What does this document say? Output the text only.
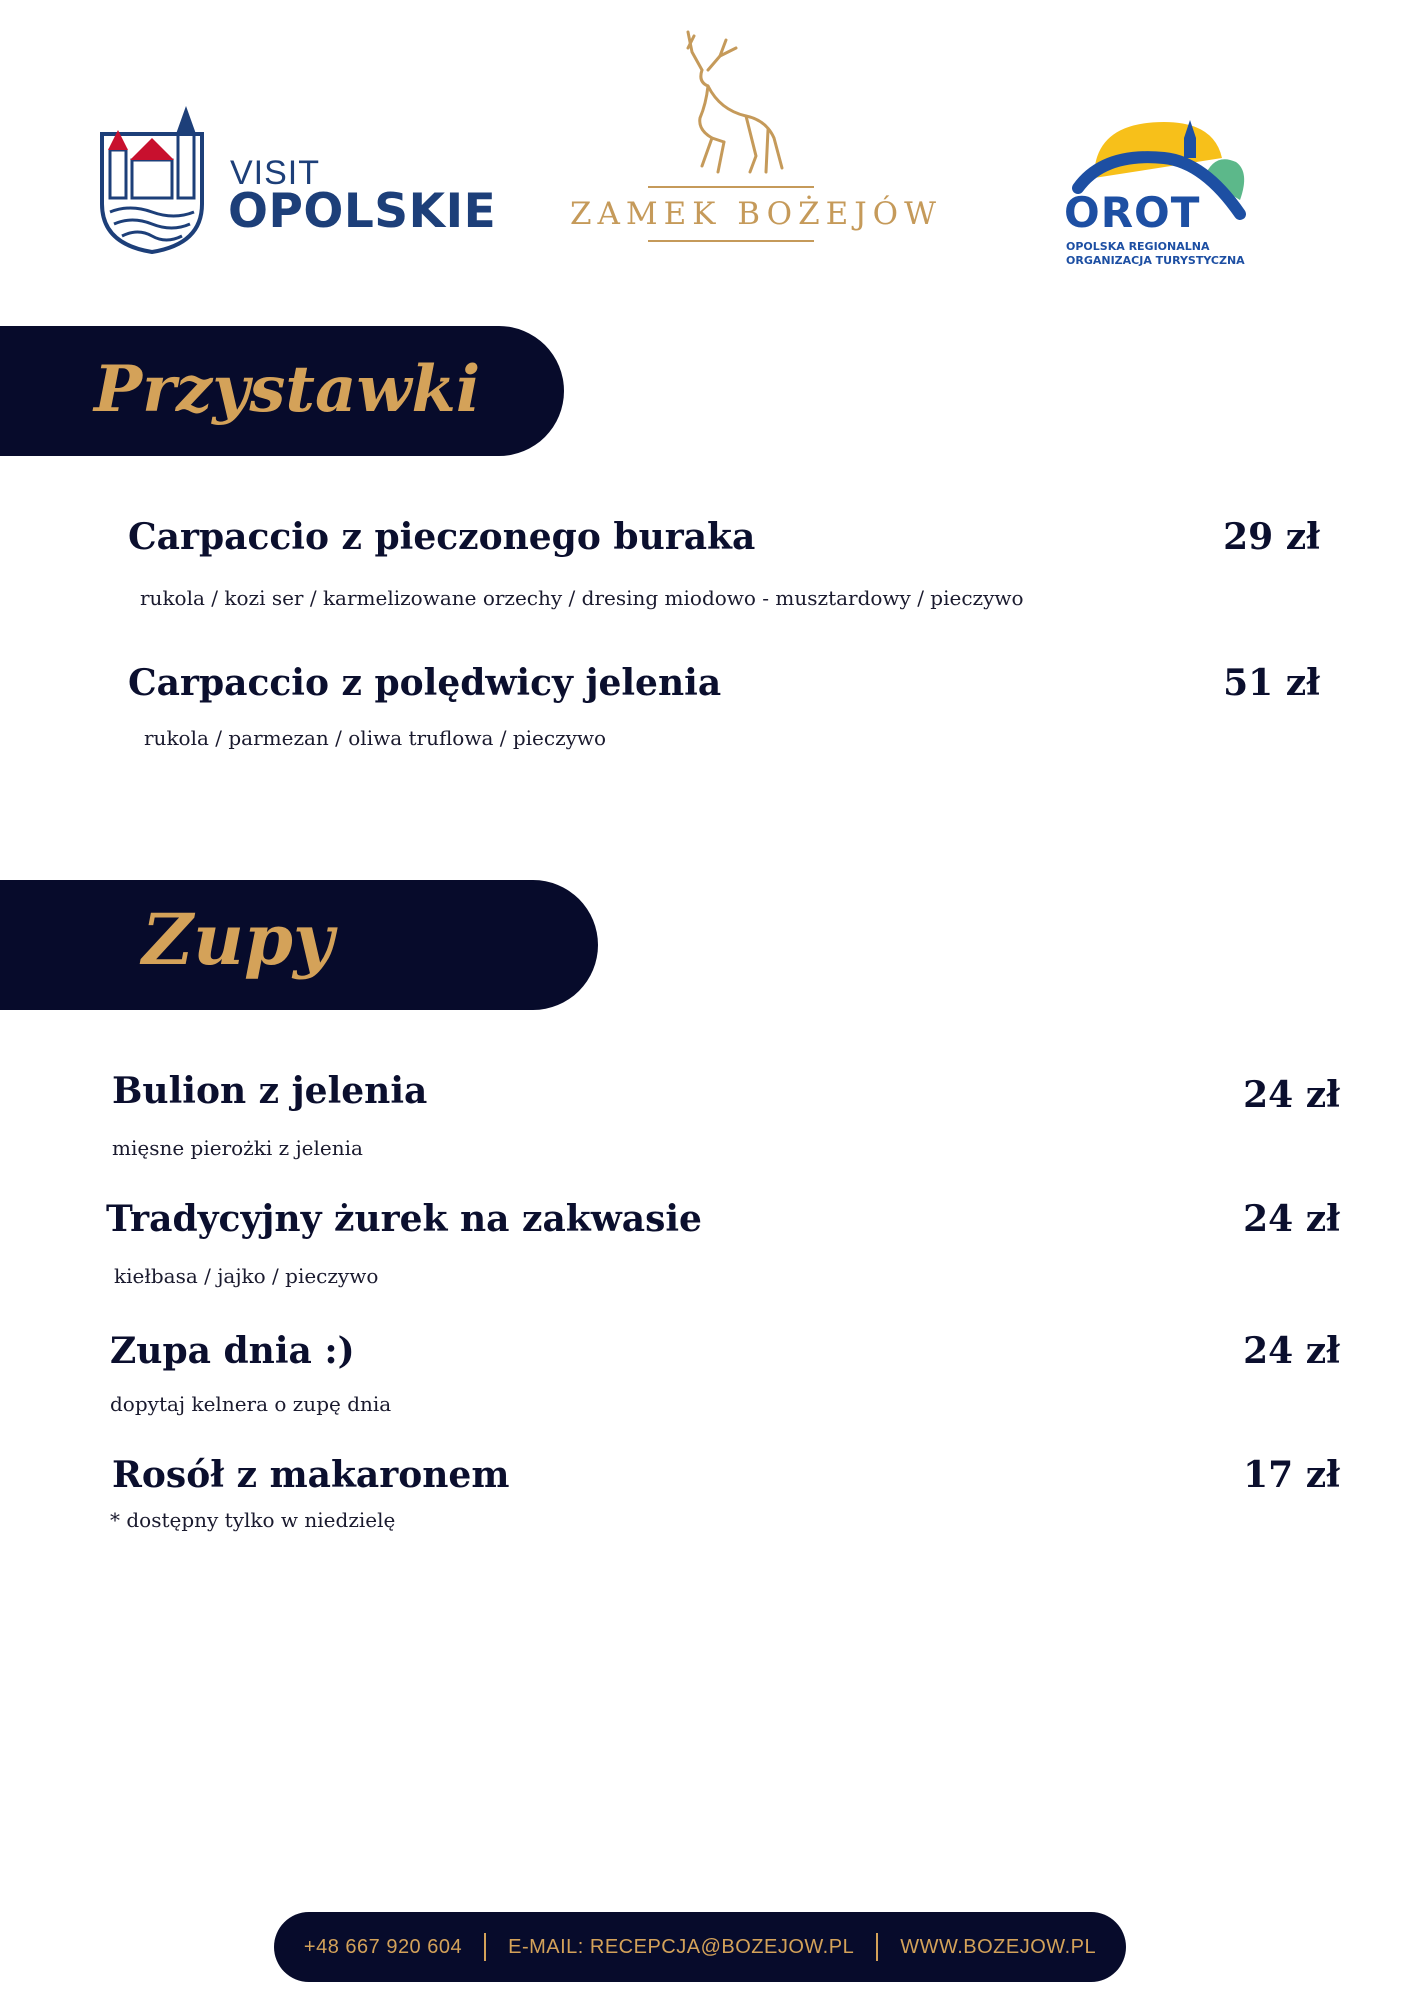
VISIT
OPOLSKIE ZAMEK BOŻEJÓW	OROT
OPOLSKA REGIONALNA
ORGANIZACJA TURYSTYCZNA
Przystawki
Carpaccio z pieczonego buraka	29 zł
rukola / kozi ser / karmelizowane orzechy / dresing miodowo - musztardowy / pieczywo
Carpaccio z polędwicy jelenia	51 zł
rukola / parmezan / oliwa truflowa / pieczywo
Zupy
Bulion z jelenia	24 zł
mięsne pierożki z jelenia
Tradycyjny żurek na zakwasie	24 zł
kiełbasa / jajko / pieczywo
Zupa dnia :)	24 zł
dopytaj kelnera o zupę dnia
Rosół z makaronem	17 zł
* dostępny tylko w niedzielę
+48 667 920 604 E-MAIL: RECEPCJA@BOZEJOW.PL WWW.BOZEJOW.PL
